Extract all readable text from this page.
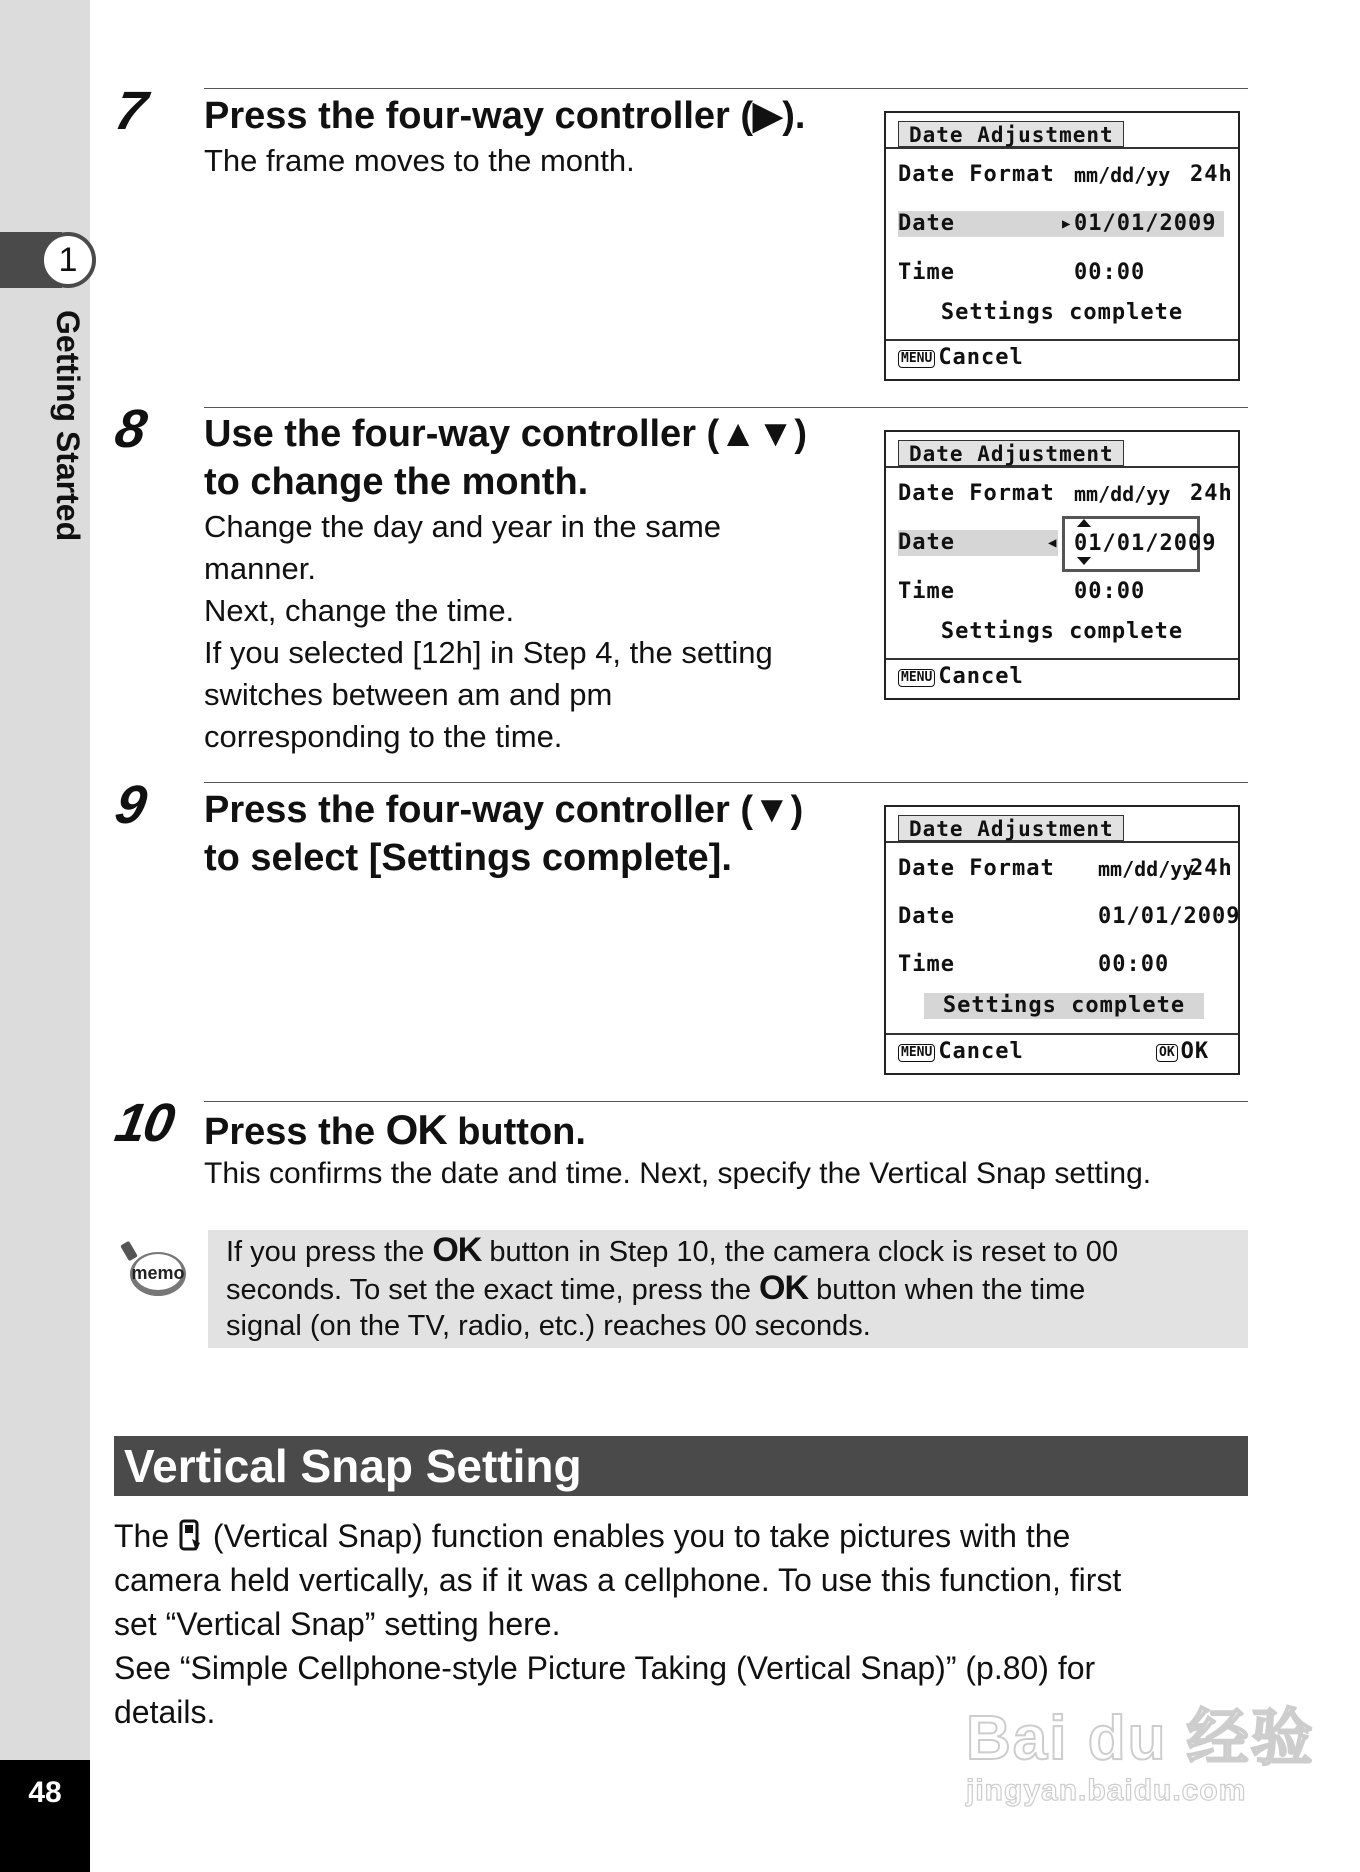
1
Getting Started
48
7 Press the four-way controller (▶).
The frame moves to the month.
Date Adjustment
Date Format mm/dd/yy 24h
Date	▶ 01/01/2009
Time	00:00
Settings complete
MENU Cancel
8 Use the four-way controller (▲▼)
to change the month.
Change the day and year in the same
manner.
Next, change the time.
If you selected [12h] in Step 4, the setting
switches between am and pm
corresponding to the time.
Date Adjustment
Date Format mm/dd/yy 24h
Date	◀ 01/01/2009
Time	00:00
Settings complete
MENU Cancel
9 Press the four-way controller (▼)
to select [Settings complete].
Date Adjustment
Date Format mm/dd/yy
24h
Date	01/01/2009
Time	00:00
Settings complete
MENU Cancel	OK OK
10 Press the OK button.
This confirms the date and time. Next, specify the Vertical Snap setting.
memo
If you press the OK button in Step 10, the camera clock is reset to 00
seconds. To set the exact time, press the OK button when the time
signal (on the TV, radio, etc.) reaches 00 seconds.
Vertical Snap Setting
The  (Vertical Snap) function enables you to take pictures with the
camera held vertically, as if it was a cellphone. To use this function, first
set “Vertical Snap” setting here.
See “Simple Cellphone-style Picture Taking (Vertical Snap)” (p.80) for
details.	Bai du 经验
jingyan.baidu.com
